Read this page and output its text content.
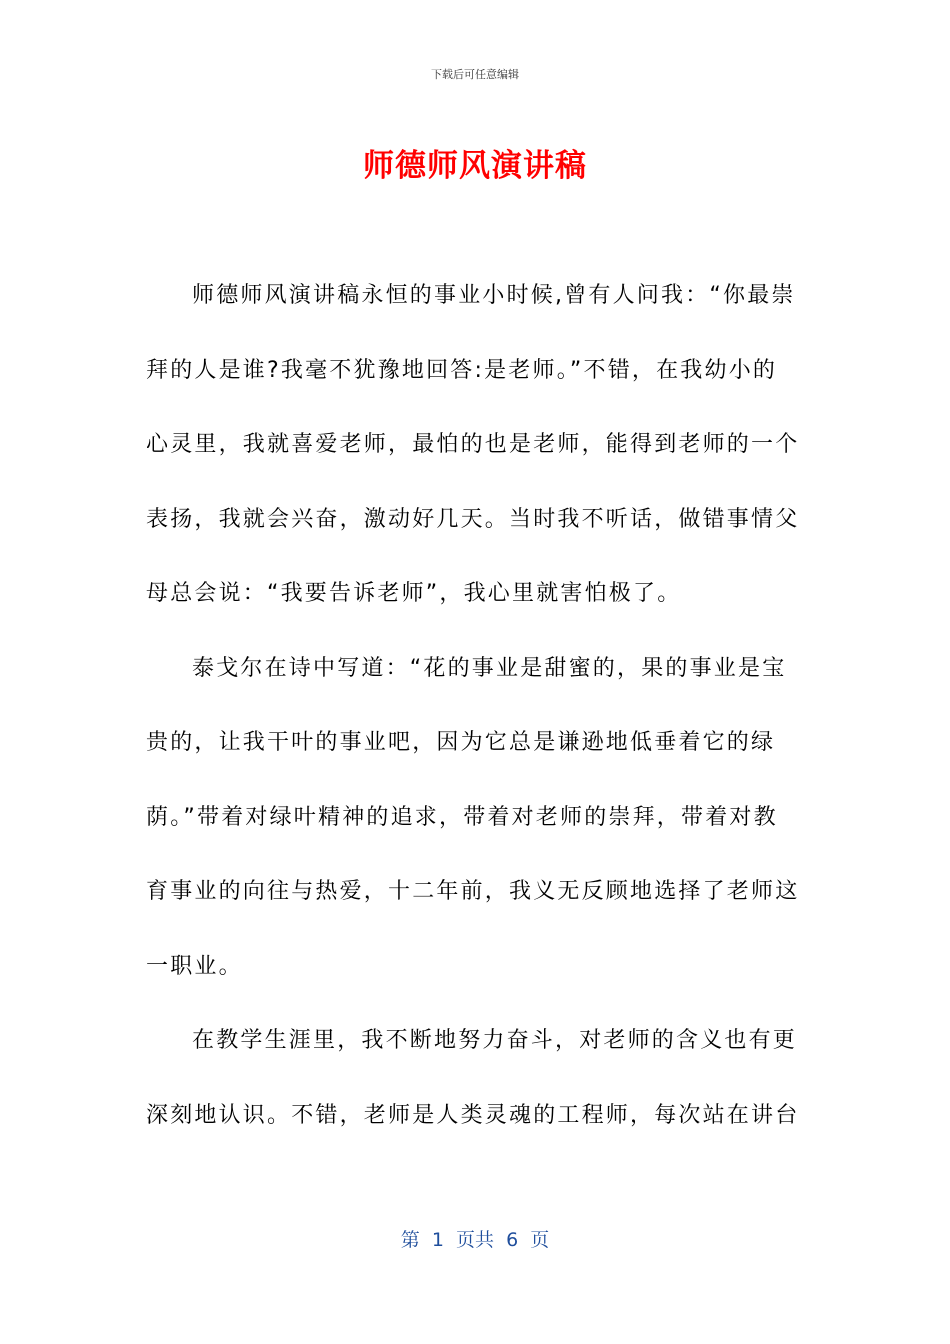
下载后可任意编辑
师德师风演讲稿
师德师风演讲稿永恒的事业小时候,曾有人问我：“你最崇
拜的人是谁?我毫不犹豫地回答:是老师。”不错，在我幼小的
心灵里，我就喜爱老师，最怕的也是老师，能得到老师的一个
表扬，我就会兴奋，激动好几天。当时我不听话，做错事情父
母总会说：“我要告诉老师”，我心里就害怕极了。
泰戈尔在诗中写道：“花的事业是甜蜜的，果的事业是宝
贵的，让我干叶的事业吧，因为它总是谦逊地低垂着它的绿
荫。”带着对绿叶精神的追求，带着对老师的崇拜，带着对教
育事业的向往与热爱，十二年前，我义无反顾地选择了老师这
一职业。
在教学生涯里，我不断地努力奋斗，对老师的含义也有更
深刻地认识。不错，老师是人类灵魂的工程师，每次站在讲台
第  1  页共  6  页
